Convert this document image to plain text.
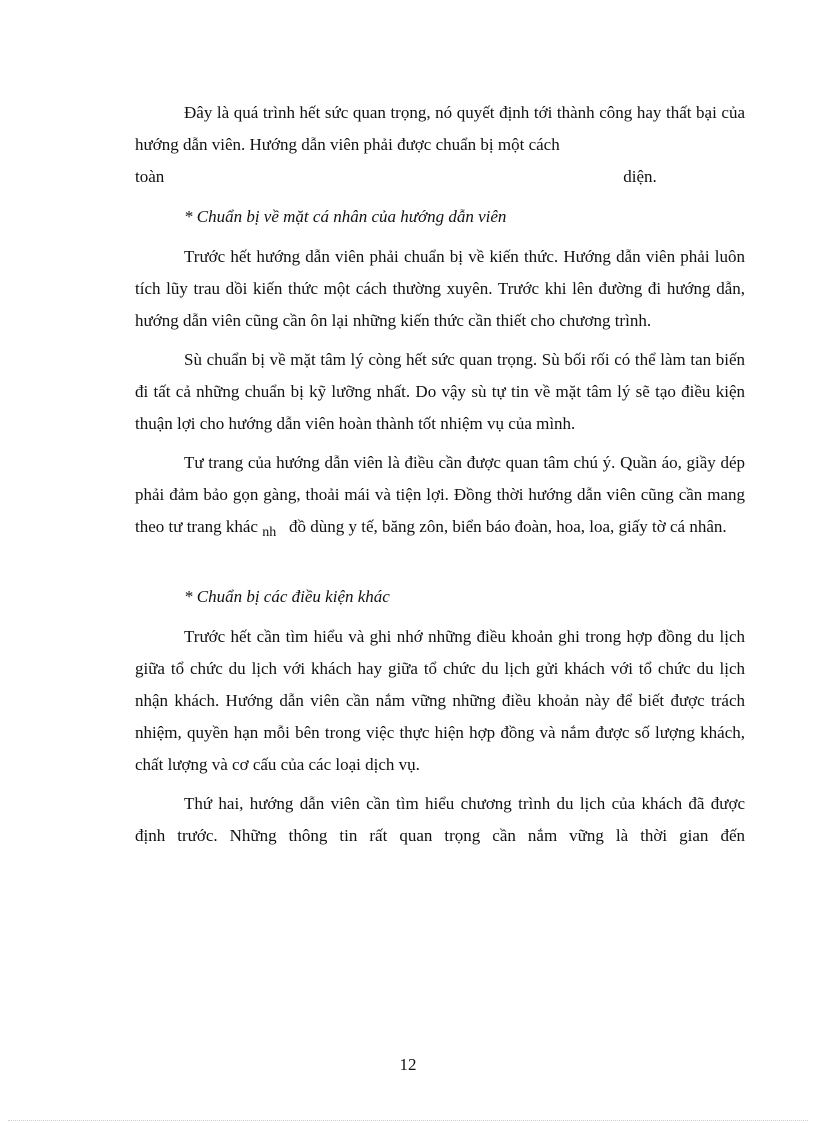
Đây là quá trình hết sức quan trọng, nó quyết định tới thành công hay thất bại của hướng dẫn viên. Hướng dẫn viên phải được chuẩn bị một cách
toàn	diện.

* Chuẩn bị về mặt cá nhân của hướng dẫn viên

Trước hết hướng dẫn viên phải chuẩn bị về kiến thức. Hướng dẫn viên phải luôn tích lũy trau dồi kiến thức một cách thường xuyên. Trước khi lên đường đi hướng dẫn, hướng dẫn viên cũng cần ôn lại những kiến thức cần thiết cho chương trình.

Sù chuẩn bị về mặt tâm lý còng hết sức quan trọng. Sù bối rối có thể làm tan biến đi tất cả những chuẩn bị kỹ lưỡng nhất. Do vậy sù tự tin về mặt tâm lý sẽ tạo điều kiện thuận lợi cho hướng dẫn viên hoàn thành tốt nhiệm vụ của mình.

Tư trang của hướng dẫn viên là điều cần được quan tâm chú ý. Quần áo, giầy dép phải đảm bảo gọn gàng, thoải mái và tiện lợi. Đồng thời hướng dẫn viên cũng cần mang theo tư trang khác $_{nh}$ đồ dùng y tế, băng zôn, biển báo đoàn, hoa, loa, giấy tờ cá nhân.

* Chuẩn bị các điều kiện khác

Trước hết cần tìm hiểu và ghi nhớ những điều khoản ghi trong hợp đồng du lịch giữa tổ chức du lịch với khách hay giữa tổ chức du lịch gửi khách với tổ chức du lịch nhận khách. Hướng dẫn viên cần nắm vững những điều khoản này để biết được trách nhiệm, quyền hạn mỗi bên trong việc thực hiện hợp đồng và nắm được số lượng khách, chất lượng và cơ cấu của các loại dịch vụ.

Thứ hai, hướng dẫn viên cần tìm hiểu chương trình du lịch của khách đã được định trước. Những thông tin rất quan trọng cần nắm vững là thời gian đến

12
